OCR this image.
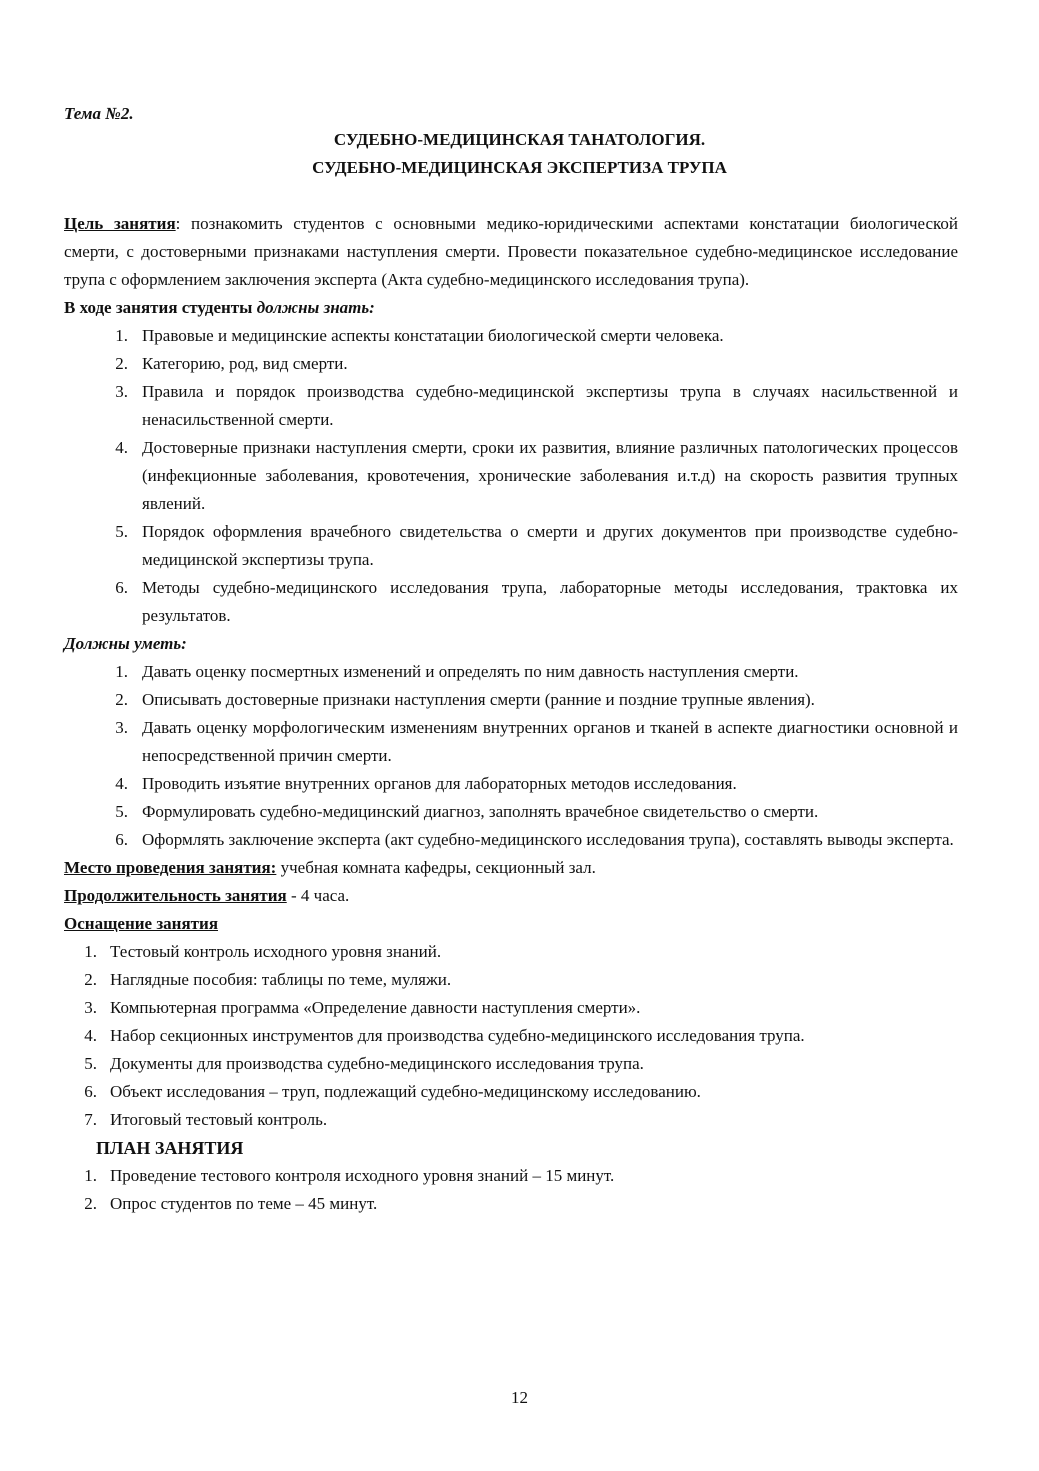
Тема №2.
СУДЕБНО-МЕДИЦИНСКАЯ ТАНАТОЛОГИЯ.
СУДЕБНО-МЕДИЦИНСКАЯ ЭКСПЕРТИЗА ТРУПА
Цель занятия: познакомить студентов с основными медико-юридическими аспектами констатации биологической смерти, с достоверными признаками наступления смерти. Провести показательное судебно-медицинское исследование трупа с оформлением заключения эксперта (Акта судебно-медицинского исследования трупа).
В ходе занятия студенты должны знать:
1. Правовые и медицинские аспекты констатации биологической смерти человека.
2. Категорию, род, вид смерти.
3. Правила и порядок производства судебно-медицинской экспертизы трупа в случаях насильственной и ненасильственной смерти.
4. Достоверные признаки наступления смерти, сроки их развития, влияние различных патологических процессов (инфекционные заболевания, кровотечения, хронические заболевания и.т.д) на скорость развития трупных явлений.
5. Порядок оформления врачебного свидетельства о смерти и других документов при производстве судебно-медицинской экспертизы трупа.
6. Методы судебно-медицинского исследования трупа, лабораторные методы исследования, трактовка их результатов.
Должны уметь:
1. Давать оценку посмертных изменений и определять по ним давность наступления смерти.
2. Описывать достоверные признаки наступления смерти (ранние и поздние трупные явления).
3. Давать оценку морфологическим изменениям внутренних органов и тканей в аспекте диагностики основной и непосредственной причин смерти.
4. Проводить изъятие внутренних органов для лабораторных методов исследования.
5. Формулировать судебно-медицинский диагноз, заполнять врачебное свидетельство о смерти.
6. Оформлять заключение эксперта (акт судебно-медицинского исследования трупа), составлять выводы эксперта.
Место проведения занятия: учебная комната кафедры, секционный зал.
Продолжительность занятия - 4 часа.
Оснащение занятия
1. Тестовый контроль исходного уровня знаний.
2. Наглядные пособия: таблицы по теме, муляжи.
3. Компьютерная программа «Определение давности наступления смерти».
4. Набор секционных инструментов для производства судебно-медицинского исследования трупа.
5. Документы для производства судебно-медицинского исследования трупа.
6. Объект исследования – труп, подлежащий судебно-медицинскому исследованию.
7. Итоговый тестовый контроль.
ПЛАН ЗАНЯТИЯ
1. Проведение тестового контроля исходного уровня знаний – 15 минут.
2. Опрос студентов по теме – 45 минут.
12
